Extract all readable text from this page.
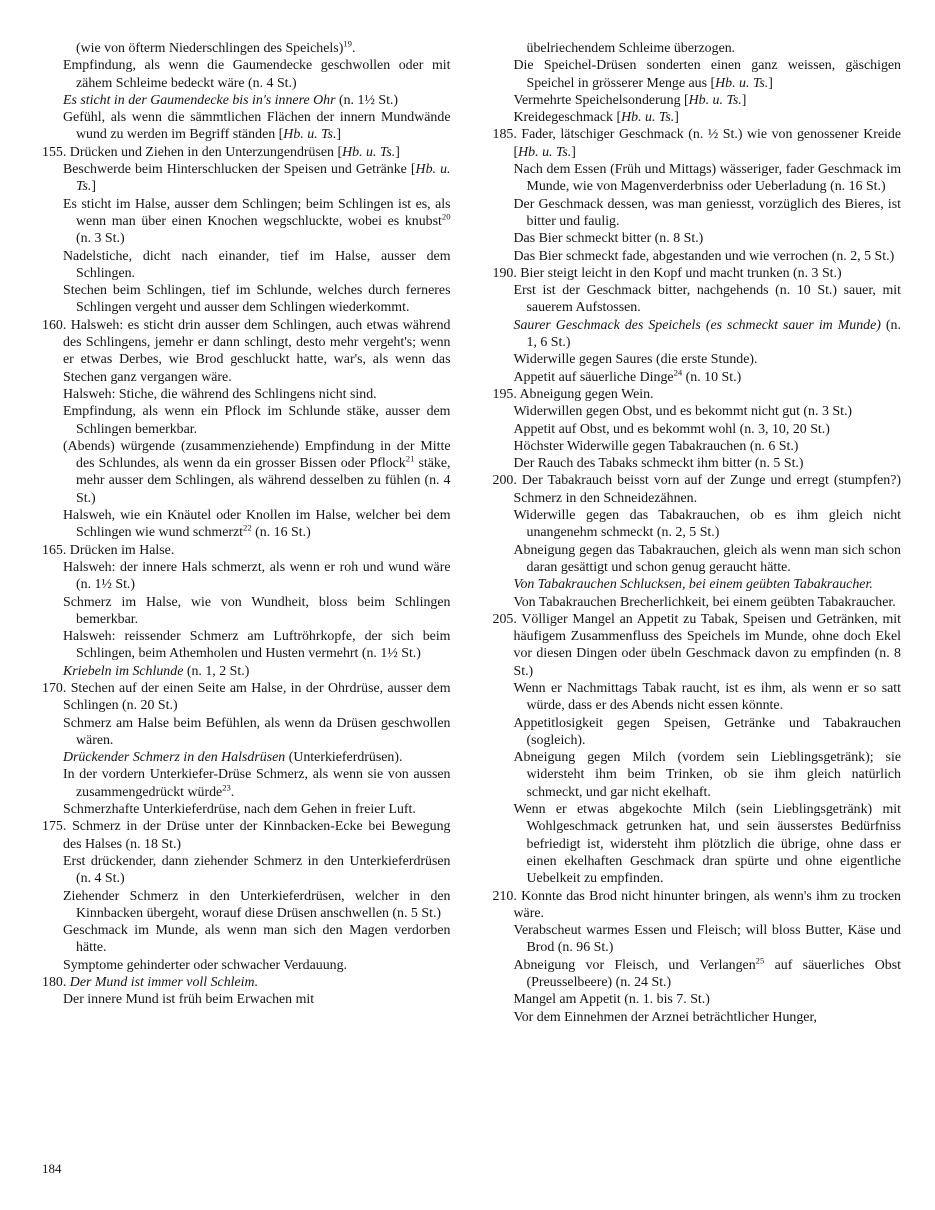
(wie von öfterm Niederschlingen des Speichels)$^{19}$.
Empfindung, als wenn die Gaumendecke geschwollen oder mit zähem Schleime bedeckt wäre (n. 4 St.)
Es sticht in der Gaumendecke bis in's innere Ohr (n. 1½ St.)
Gefühl, als wenn die sämmtlichen Flächen der innern Mundwände wund zu werden im Begriff ständen [Hb. u. Ts.]
155. Drücken und Ziehen in den Unterzungendrüsen [Hb. u. Ts.]
Beschwerde beim Hinterschlucken der Speisen und Getränke [Hb. u. Ts.]
Es sticht im Halse, ausser dem Schlingen; beim Schlingen ist es, als wenn man über einen Knochen wegschluckte, wobei es knubst$^{20}$ (n. 3 St.)
Nadelstiche, dicht nach einander, tief im Halse, ausser dem Schlingen.
Stechen beim Schlingen, tief im Schlunde, welches durch ferneres Schlingen vergeht und ausser dem Schlingen wiederkommt.
160. Halsweh: es sticht drin ausser dem Schlingen, auch etwas während des Schlingens, jemehr er dann schlingt, desto mehr vergeht's; wenn er etwas Derbes, wie Brod geschluckt hatte, war's, als wenn das Stechen ganz vergangen wäre.
Halsweh: Stiche, die während des Schlingens nicht sind.
Empfindung, als wenn ein Pflock im Schlunde stäke, ausser dem Schlingen bemerkbar.
(Abends) würgende (zusammenziehende) Empfindung in der Mitte des Schlundes, als wenn da ein grosser Bissen oder Pflock$^{21}$ stäke, mehr ausser dem Schlingen, als während desselben zu fühlen (n. 4 St.)
Halsweh, wie ein Knäutel oder Knollen im Halse, welcher bei dem Schlingen wie wund schmerzt$^{22}$ (n. 16 St.)
165. Drücken im Halse.
Halsweh: der innere Hals schmerzt, als wenn er roh und wund wäre (n. 1½ St.)
Schmerz im Halse, wie von Wundheit, bloss beim Schlingen bemerkbar.
Halsweh: reissender Schmerz am Luftröhrkopfe, der sich beim Schlingen, beim Athemholen und Husten vermehrt (n. 1½ St.)
Kriebeln im Schlunde (n. 1, 2 St.)
170. Stechen auf der einen Seite am Halse, in der Ohrdrüse, ausser dem Schlingen (n. 20 St.)
Schmerz am Halse beim Befühlen, als wenn da Drüsen geschwollen wären.
Drückender Schmerz in den Halsdrüsen (Unterkieferdrüsen).
In der vordern Unterkiefer-Drüse Schmerz, als wenn sie von aussen zusammengedrückt würde$^{23}$.
Schmerzhafte Unterkieferdrüse, nach dem Gehen in freier Luft.
175. Schmerz in der Drüse unter der Kinnbacken-Ecke bei Bewegung des Halses (n. 18 St.)
Erst drückender, dann ziehender Schmerz in den Unterkieferdrüsen (n. 4 St.)
Ziehender Schmerz in den Unterkieferdrüsen, welcher in den Kinnbacken übergeht, worauf diese Drüsen anschwellen (n. 5 St.)
Geschmack im Munde, als wenn man sich den Magen verdorben hätte.
Symptome gehinderter oder schwacher Verdauung.
180. Der Mund ist immer voll Schleim.
Der innere Mund ist früh beim Erwachen mit
übelriechendem Schleime überzogen.
Die Speichel-Drüsen sonderten einen ganz weissen, gäschigen Speichel in grösserer Menge aus [Hb. u. Ts.]
Vermehrte Speichelsonderung [Hb. u. Ts.]
Kreidegeschmack [Hb. u. Ts.]
185. Fader, lätschiger Geschmack (n. ½ St.) wie von genossener Kreide [Hb. u. Ts.]
Nach dem Essen (Früh und Mittags) wässeriger, fader Geschmack im Munde, wie von Magenverderbniss oder Ueberladung (n. 16 St.)
Der Geschmack dessen, was man geniesst, vorzüglich des Bieres, ist bitter und faulig.
Das Bier schmeckt bitter (n. 8 St.)
Das Bier schmeckt fade, abgestanden und wie verrochen (n. 2, 5 St.)
190. Bier steigt leicht in den Kopf und macht trunken (n. 3 St.)
Erst ist der Geschmack bitter, nachgehends (n. 10 St.) sauer, mit sauerem Aufstossen.
Saurer Geschmack des Speichels (es schmeckt sauer im Munde) (n. 1, 6 St.)
Widerwille gegen Saures (die erste Stunde).
Appetit auf säuerliche Dinge$^{24}$ (n. 10 St.)
195. Abneigung gegen Wein.
Widerwillen gegen Obst, und es bekommt nicht gut (n. 3 St.)
Appetit auf Obst, und es bekommt wohl (n. 3, 10, 20 St.)
Höchster Widerwille gegen Tabakrauchen (n. 6 St.)
Der Rauch des Tabaks schmeckt ihm bitter (n. 5 St.)
200. Der Tabakrauch beisst vorn auf der Zunge und erregt (stumpfen?) Schmerz in den Schneidezähnen.
Widerwille gegen das Tabakrauchen, ob es ihm gleich nicht unangenehm schmeckt (n. 2, 5 St.)
Abneigung gegen das Tabakrauchen, gleich als wenn man sich schon daran gesättigt und schon genug geraucht hätte.
Von Tabakrauchen Schlucksen, bei einem geübten Tabakraucher.
Von Tabakrauchen Brecherlichkeit, bei einem geübten Tabakraucher.
205. Völliger Mangel an Appetit zu Tabak, Speisen und Getränken, mit häufigem Zusammenfluss des Speichels im Munde, ohne doch Ekel vor diesen Dingen oder übeln Geschmack davon zu empfinden (n. 8 St.)
Wenn er Nachmittags Tabak raucht, ist es ihm, als wenn er so satt würde, dass er des Abends nicht essen könnte.
Appetitlosigkeit gegen Speisen, Getränke und Tabakrauchen (sogleich).
Abneigung gegen Milch (vordem sein Lieblingsgetränk); sie widersteht ihm beim Trinken, ob sie ihm gleich natürlich schmeckt, und gar nicht ekelhaft.
Wenn er etwas abgekochte Milch (sein Lieblingsgetränk) mit Wohlgeschmack getrunken hat, und sein äusserstes Bedürfniss befriedigt ist, widersteht ihm plötzlich die übrige, ohne dass er einen ekelhaften Geschmack dran spürte und ohne eigentliche Uebelkeit zu empfinden.
210. Konnte das Brod nicht hinunter bringen, als wenn's ihm zu trocken wäre.
Verabscheut warmes Essen und Fleisch; will bloss Butter, Käse und Brod (n. 96 St.)
Abneigung vor Fleisch, und Verlangen$^{25}$ auf säuerliches Obst (Preusselbeere) (n. 24 St.)
Mangel am Appetit (n. 1. bis 7. St.)
Vor dem Einnehmen der Arznei beträchtlicher Hunger,
184
